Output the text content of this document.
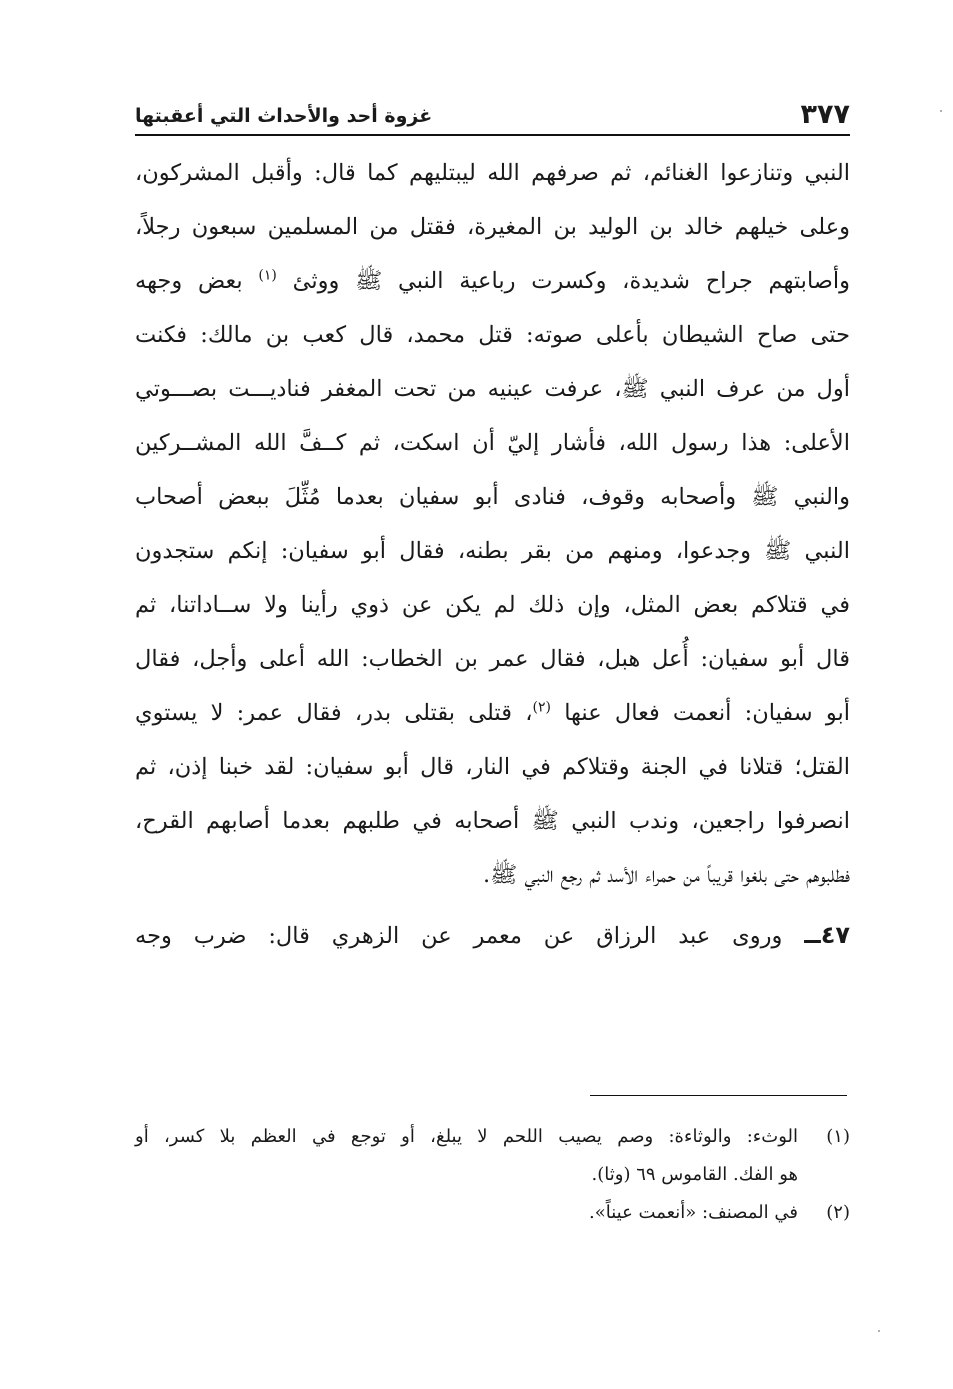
٣٧٧
غزوة أحد والأحداث التي أعقبتها
النبي وتنازعوا الغنائم، ثم صرفهم الله ليبتليهم كما قال: وأقبل المشركون،
وعلى خيلهم خالد بن الوليد بن المغيرة، فقتل من المسلمين سبعون رجلاً،
وأصابتهم جراح شديدة، وكسرت رباعية النبي ﷺ ووثئ $^{(١)}$ بعض وجهه
حتى صاح الشيطان بأعلى صوته: قتل محمد، قال كعب بن مالك: فكنت
أول من عرف النبي ﷺ، عرفت عينيه من تحت المغفر فناديـــت بصـــوتي
الأعلى: هذا رسول الله، فأشار إليّ أن اسكت، ثم كــفَّ الله المشــركين
والنبي ﷺ وأصحابه وقوف، فنادى أبو سفيان بعدما مُثِّلَ ببعض أصحاب
النبي ﷺ وجدعوا، ومنهم من بقر بطنه، فقال أبو سفيان: إنكم ستجدون
في قتلاكم بعض المثل، وإن ذلك لم يكن عن ذوي رأينا ولا ســاداتنا، ثم
قال أبو سفيان: أُعل هبل، فقال عمر بن الخطاب: الله أعلى وأجل، فقال
أبو سفيان: أنعمت فعال عنها $^{(٢)}$، قتلى بقتلى بدر، فقال عمر: لا يستوي
القتل؛ قتلانا في الجنة وقتلاكم في النار، قال أبو سفيان: لقد خبنا إذن، ثم
انصرفوا راجعين، وندب النبي ﷺ أصحابه في طلبهم بعدما أصابهم القرح،
فطلبوهم حتى بلغوا قريباً من حمراء الأسد ثم رجع النبي ﷺ.
٤٧ــ وروى عبد الرزاق عن معمر عن الزهري قال: ضرب وجه
(١)الوثء: والوثاءة: وصم يصيب اللحم لا يبلغ، أو توجع في العظم بلا كسر، أو
هو الفك. القاموس ٦٩ (وثا).
(٢)في المصنف: «أنعمت عيناً».
